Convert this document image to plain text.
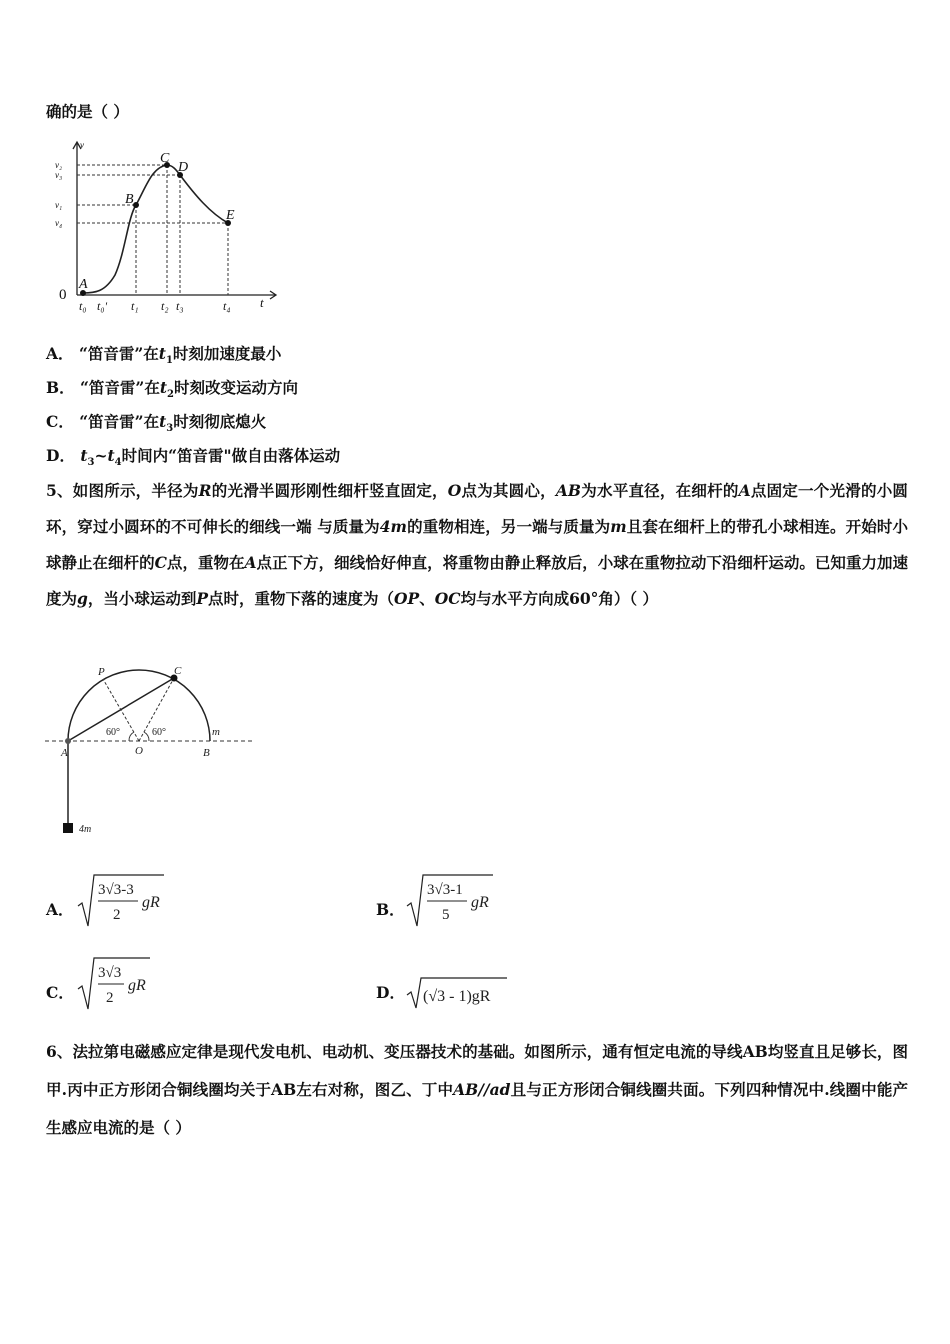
确的是（ ）
A
B
C
D
E
v
v₂
v₃
v₁
v₄
0	t
t₀ t₀' t₁ t₂ t₃	t₄
A． “笛音雷”在$t_1$时刻加速度最小
B． “笛音雷”在$t_2$时刻改变运动方向
C． “笛音雷”在$t_3$时刻彻底熄火
D． $t_3\sim t_4$时间内“笛音雷"做自由落体运动
5、如图所示，半径为R的光滑半圆形刚性细杆竖直固定，O点为其圆心，AB为水平直径，在细杆的A点固定一个光滑的小圆环，穿过小圆环的不可伸长的细线一端 与质量为4m的重物相连，另一端与质量为m且套在细杆上的带孔小球相连。开始时小球静止在细杆的C点，重物在A点正下方，细线恰好伸直，将重物由静止释放后，小球在重物拉动下沿细杆运动。已知重力加速度为g，当小球运动到P点时，重物下落的速度为（OP、OC均与水平方向成60°角）（ ）
P	C
A	O	B
m
4m
60°	60°
A．
3√3-3
2
gR	B．
3√3-1
5
gR
C．
3√3
2
gR	D． (√3 - 1)gR
6、法拉第电磁感应定律是现代发电机、电动机、变压器技术的基础。如图所示，通有恒定电流的导线AB均竖直且足够长，图甲.丙中正方形闭合铜线圈均关于AB左右对称，图乙、丁中AB//ad且与正方形闭合铜线圈共面。下列四种情况中.线圈中能产生感应电流的是（ ）
